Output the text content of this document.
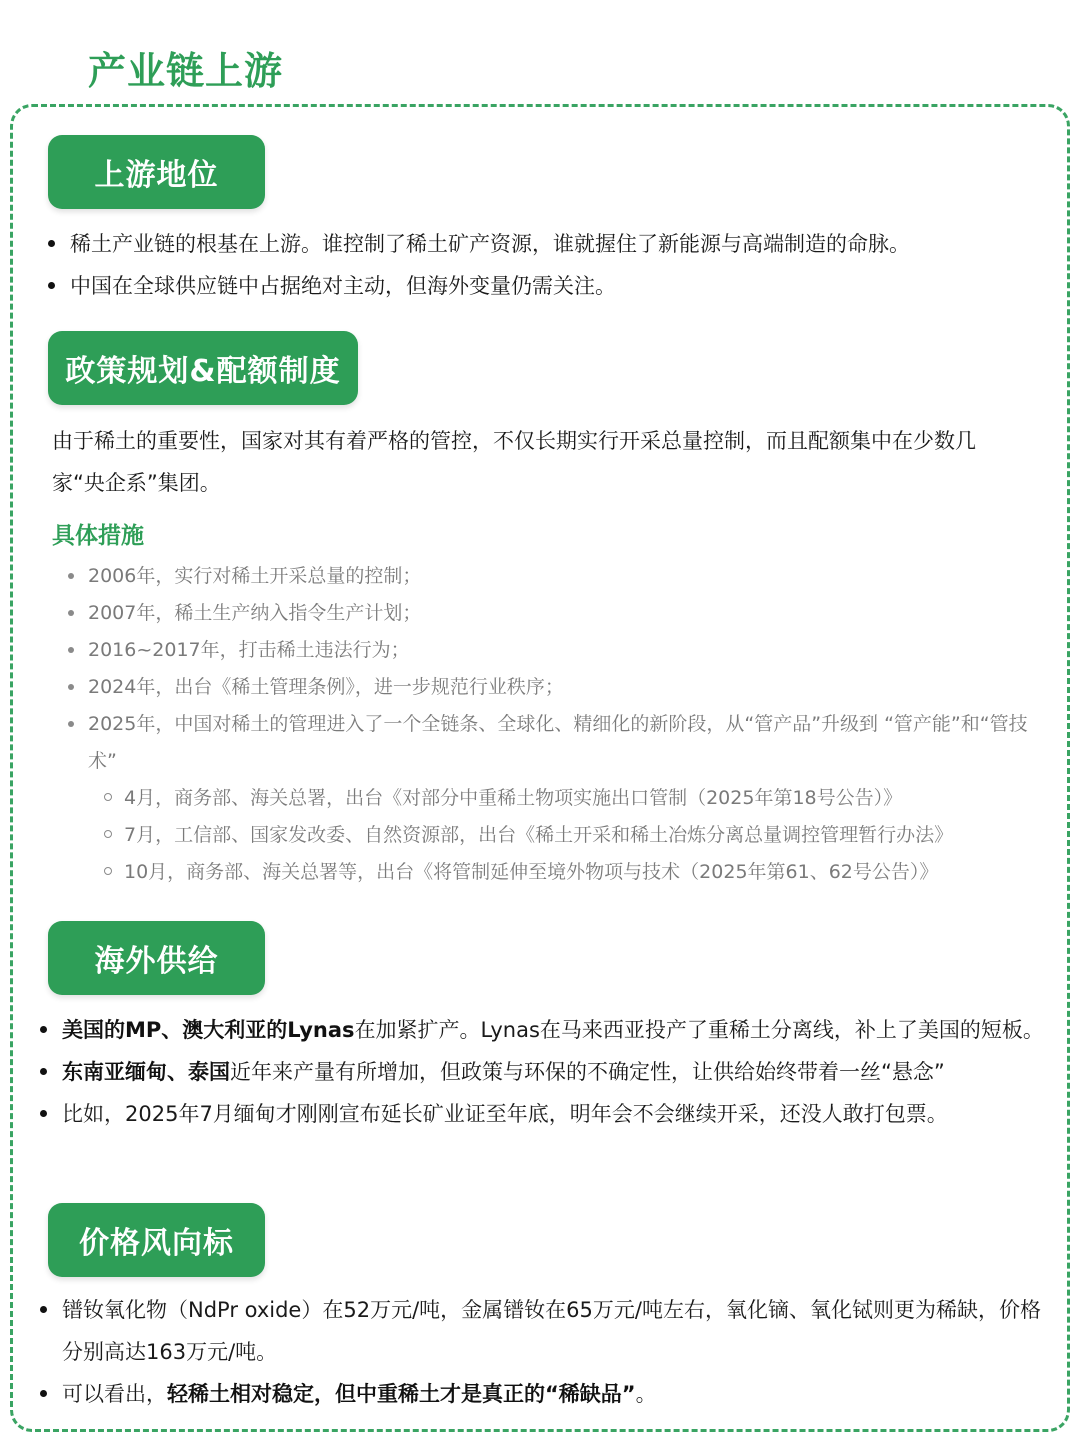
产业链上游
上游地位
稀土产业链的根基在上游。谁控制了稀土矿产资源，谁就握住了新能源与高端制造的命脉。
中国在全球供应链中占据绝对主动，但海外变量仍需关注。
政策规划&配额制度
由于稀土的重要性，国家对其有着严格的管控，不仅长期实行开采总量控制，而且配额集中在少数几家“央企系”集团。
具体措施
2006年，实行对稀土开采总量的控制；
2007年，稀土生产纳入指令生产计划；
2016~2017年，打击稀土违法行为；
2024年，出台《稀土管理条例》，进一步规范行业秩序；
2025年，中国对稀土的管理进入了一个全链条、全球化、精细化的新阶段，从“管产品”升级到 “管产能”和“管技术”
4月，商务部、海关总署，出台《对部分中重稀土物项实施出口管制（2025年第18号公告）》
7月，工信部、国家发改委、自然资源部，出台《稀土开采和稀土冶炼分离总量调控管理暂行办法》
10月，商务部、海关总署等，出台《将管制延伸至境外物项与技术（2025年第61、62号公告）》
海外供给
美国的MP、澳大利亚的Lynas在加紧扩产。Lynas在马来西亚投产了重稀土分离线，补上了美国的短板。
东南亚缅甸、泰国近年来产量有所增加，但政策与环保的不确定性，让供给始终带着一丝“悬念”
比如，2025年7月缅甸才刚刚宣布延长矿业证至年底，明年会不会继续开采，还没人敢打包票。
价格风向标
镨钕氧化物（NdPr oxide）在52万元/吨，金属镨钕在65万元/吨左右，氧化镝、氧化铽则更为稀缺，价格分别高达163万元/吨。
可以看出，轻稀土相对稳定，但中重稀土才是真正的“稀缺品”。
